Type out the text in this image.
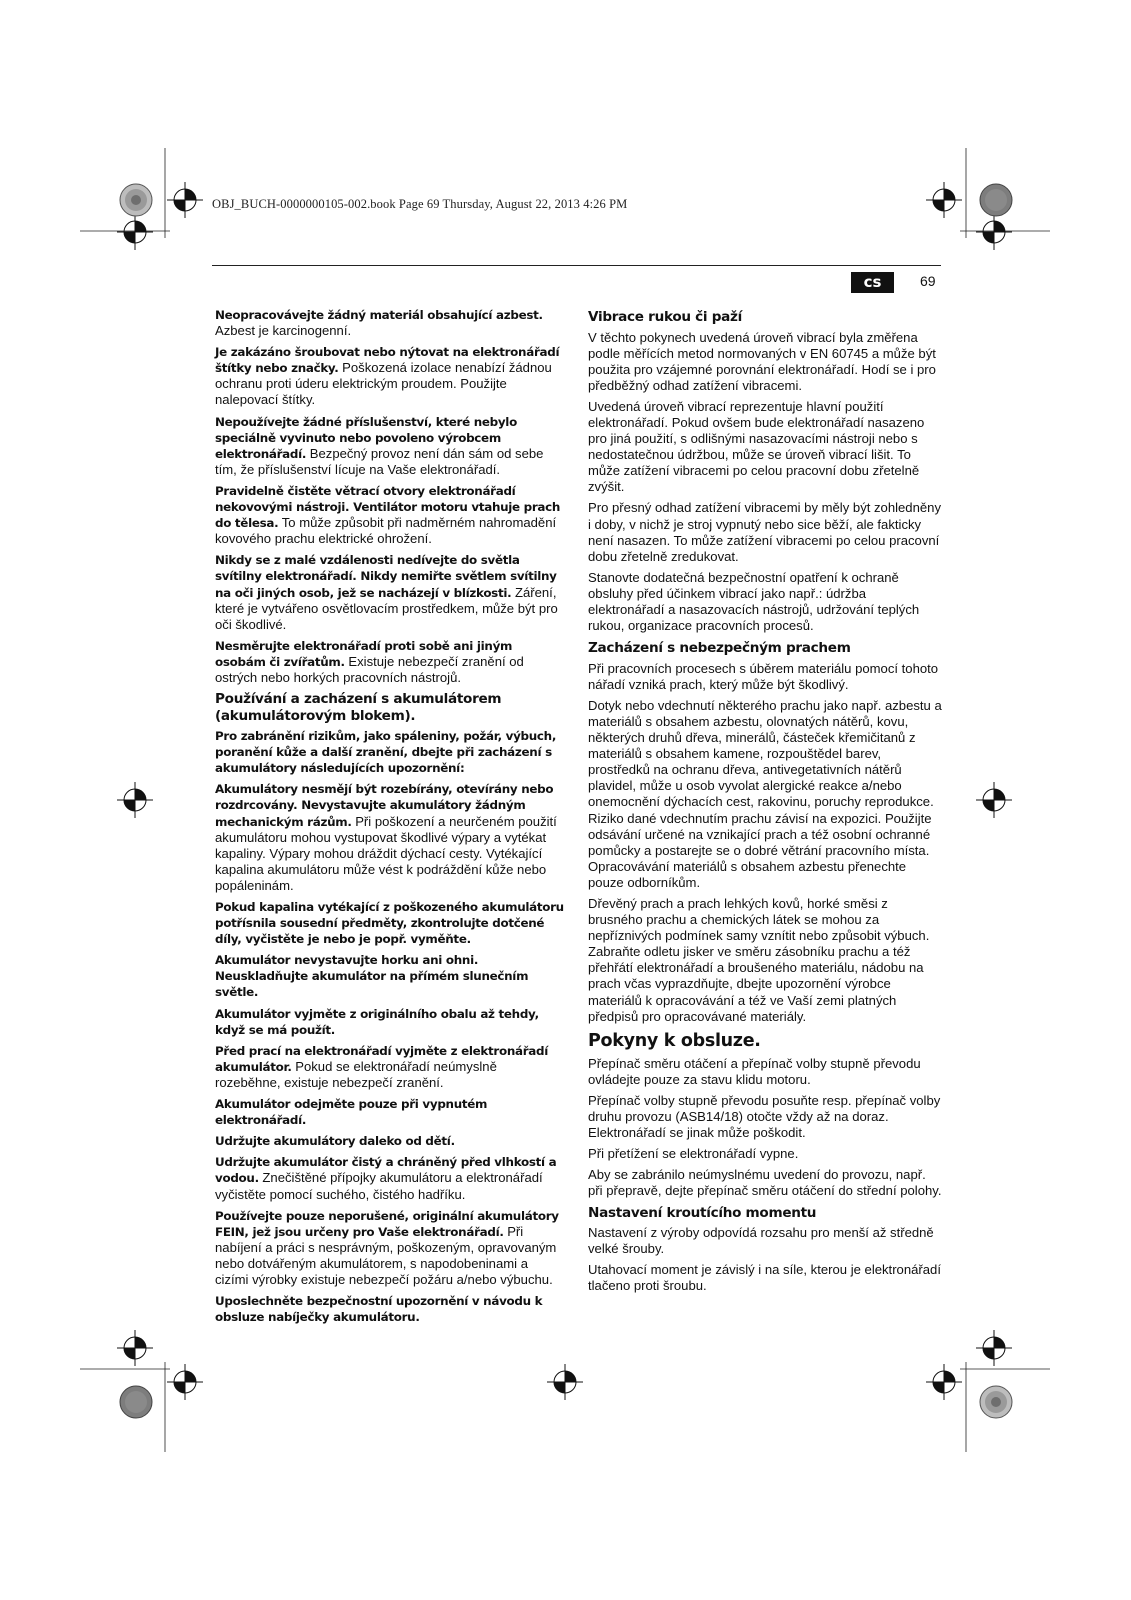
OBJ_BUCH-0000000105-002.book Page 69 Thursday, August 22, 2013 4:26 PM
cs	69

Neopracovávejte žádný materiál obsahující azbest. Azbest je karcinogenní.

Je zakázáno šroubovat nebo nýtovat na elektronářadí štítky nebo značky. Poškozená izolace nenabízí žádnou ochranu proti úderu elektrickým proudem. Použijte nalepovací štítky.

Nepoužívejte žádné příslušenství, které nebylo speciálně vyvinuto nebo povoleno výrobcem elektronářadí. Bezpečný provoz není dán sám od sebe tím, že příslušenství lícuje na Vaše elektronářadí.

Pravidelně čistěte větrací otvory elektronářadí nekovovými nástroji. Ventilátor motoru vtahuje prach do tělesa. To může způsobit při nadměrném nahromadění kovového prachu elektrické ohrožení.

Nikdy se z malé vzdálenosti nedívejte do světla svítilny elektronářadí. Nikdy nemiřte světlem svítilny na oči jiných osob, jež se nacházejí v blízkosti. Záření, které je vytvářeno osvětlovacím prostředkem, může být pro oči škodlivé.

Nesměrujte elektronářadí proti sobě ani jiným osobám či zvířatům. Existuje nebezpečí zranění od ostrých nebo horkých pracovních nástrojů.

Používání a zacházení s akumulátorem (akumulátorovým blokem).

Pro zabránění rizikům, jako spáleniny, požár, výbuch, poranění kůže a další zranění, dbejte při zacházení s akumulátory následujících upozornění:

Akumulátory nesmějí být rozebírány, otevírány nebo rozdrcovány. Nevystavujte akumulátory žádným mechanickým rázům. Při poškození a neurčeném použití akumulátoru mohou vystupovat škodlivé výpary a vytékat kapaliny. Výpary mohou dráždit dýchací cesty. Vytékající kapalina akumulátoru může vést k podráždění kůže nebo popáleninám.

Pokud kapalina vytékající z poškozeného akumulátoru potřísnila sousední předměty, zkontrolujte dotčené díly, vyčistěte je nebo je popř. vyměňte.

Akumulátor nevystavujte horku ani ohni. Neuskladňujte akumulátor na přímém slunečním světle.

Akumulátor vyjměte z originálního obalu až tehdy, když se má použít.

Před prací na elektronářadí vyjměte z elektronářadí akumulátor. Pokud se elektronářadí neúmyslně rozeběhne, existuje nebezpečí zranění.

Akumulátor odejměte pouze při vypnutém elektronářadí.

Udržujte akumulátory daleko od dětí.

Udržujte akumulátor čistý a chráněný před vlhkostí a vodou. Znečištěné přípojky akumulátoru a elektronářadí vyčistěte pomocí suchého, čistého hadříku.

Používejte pouze neporušené, originální akumulátory FEIN, jež jsou určeny pro Vaše elektronářadí. Při nabíjení a práci s nesprávným, poškozeným, opravovaným nebo dotvářeným akumulátorem, s napodobeninami a cizími výrobky existuje nebezpečí požáru a/nebo výbuchu.

Uposlechněte bezpečnostní upozornění v návodu k obsluze nabíječky akumulátoru.

Vibrace rukou či paží

V těchto pokynech uvedená úroveň vibrací byla změřena podle měřících metod normovaných v EN 60745 a může být použita pro vzájemné porovnání elektronářadí. Hodí se i pro předběžný odhad zatížení vibracemi.

Uvedená úroveň vibrací reprezentuje hlavní použití elektronářadí. Pokud ovšem bude elektronářadí nasazeno pro jiná použití, s odlišnými nasazovacími nástroji nebo s nedostatečnou údržbou, může se úroveň vibrací lišit. To může zatížení vibracemi po celou pracovní dobu zřetelně zvýšit.

Pro přesný odhad zatížení vibracemi by měly být zohledněny i doby, v nichž je stroj vypnutý nebo sice běží, ale fakticky není nasazen. To může zatížení vibracemi po celou pracovní dobu zřetelně zredukovat.

Stanovte dodatečná bezpečnostní opatření k ochraně obsluhy před účinkem vibrací jako např.: údržba elektronářadí a nasazovacích nástrojů, udržování teplých rukou, organizace pracovních procesů.

Zacházení s nebezpečným prachem

Při pracovních procesech s úběrem materiálu pomocí tohoto nářadí vzniká prach, který může být škodlivý.

Dotyk nebo vdechnutí některého prachu jako např. azbestu a materiálů s obsahem azbestu, olovnatých nátěrů, kovu, některých druhů dřeva, minerálů, částeček křemičitanů z materiálů s obsahem kamene, rozpouštědel barev, prostředků na ochranu dřeva, antivegetativních nátěrů plavidel, může u osob vyvolat alergické reakce a/nebo onemocnění dýchacích cest, rakovinu, poruchy reprodukce. Riziko dané vdechnutím prachu závisí na expozici. Použijte odsávání určené na vznikající prach a též osobní ochranné pomůcky a postarejte se o dobré větrání pracovního místa. Opracovávání materiálů s obsahem azbestu přenechte pouze odborníkům.

Dřevěný prach a prach lehkých kovů, horké směsi z brusného prachu a chemických látek se mohou za nepříznivých podmínek samy vznítit nebo způsobit výbuch. Zabraňte odletu jisker ve směru zásobníku prachu a též přehřátí elektronářadí a broušeného materiálu, nádobu na prach včas vyprazdňujte, dbejte upozornění výrobce materiálů k opracovávání a též ve Vaší zemi platných předpisů pro opracovávané materiály.

Pokyny k obsluze.

Přepínač směru otáčení a přepínač volby stupně převodu ovládejte pouze za stavu klidu motoru.

Přepínač volby stupně převodu posuňte resp. přepínač volby druhu provozu (ASB14/18) otočte vždy až na doraz. Elektronářadí se jinak může poškodit.

Při přetížení se elektronářadí vypne.

Aby se zabránilo neúmyslnému uvedení do provozu, např. při přepravě, dejte přepínač směru otáčení do střední polohy.

Nastavení kroutícího momentu

Nastavení z výroby odpovídá rozsahu pro menší až středně velké šrouby.

Utahovací moment je závislý i na síle, kterou je elektronářadí tlačeno proti šroubu.
